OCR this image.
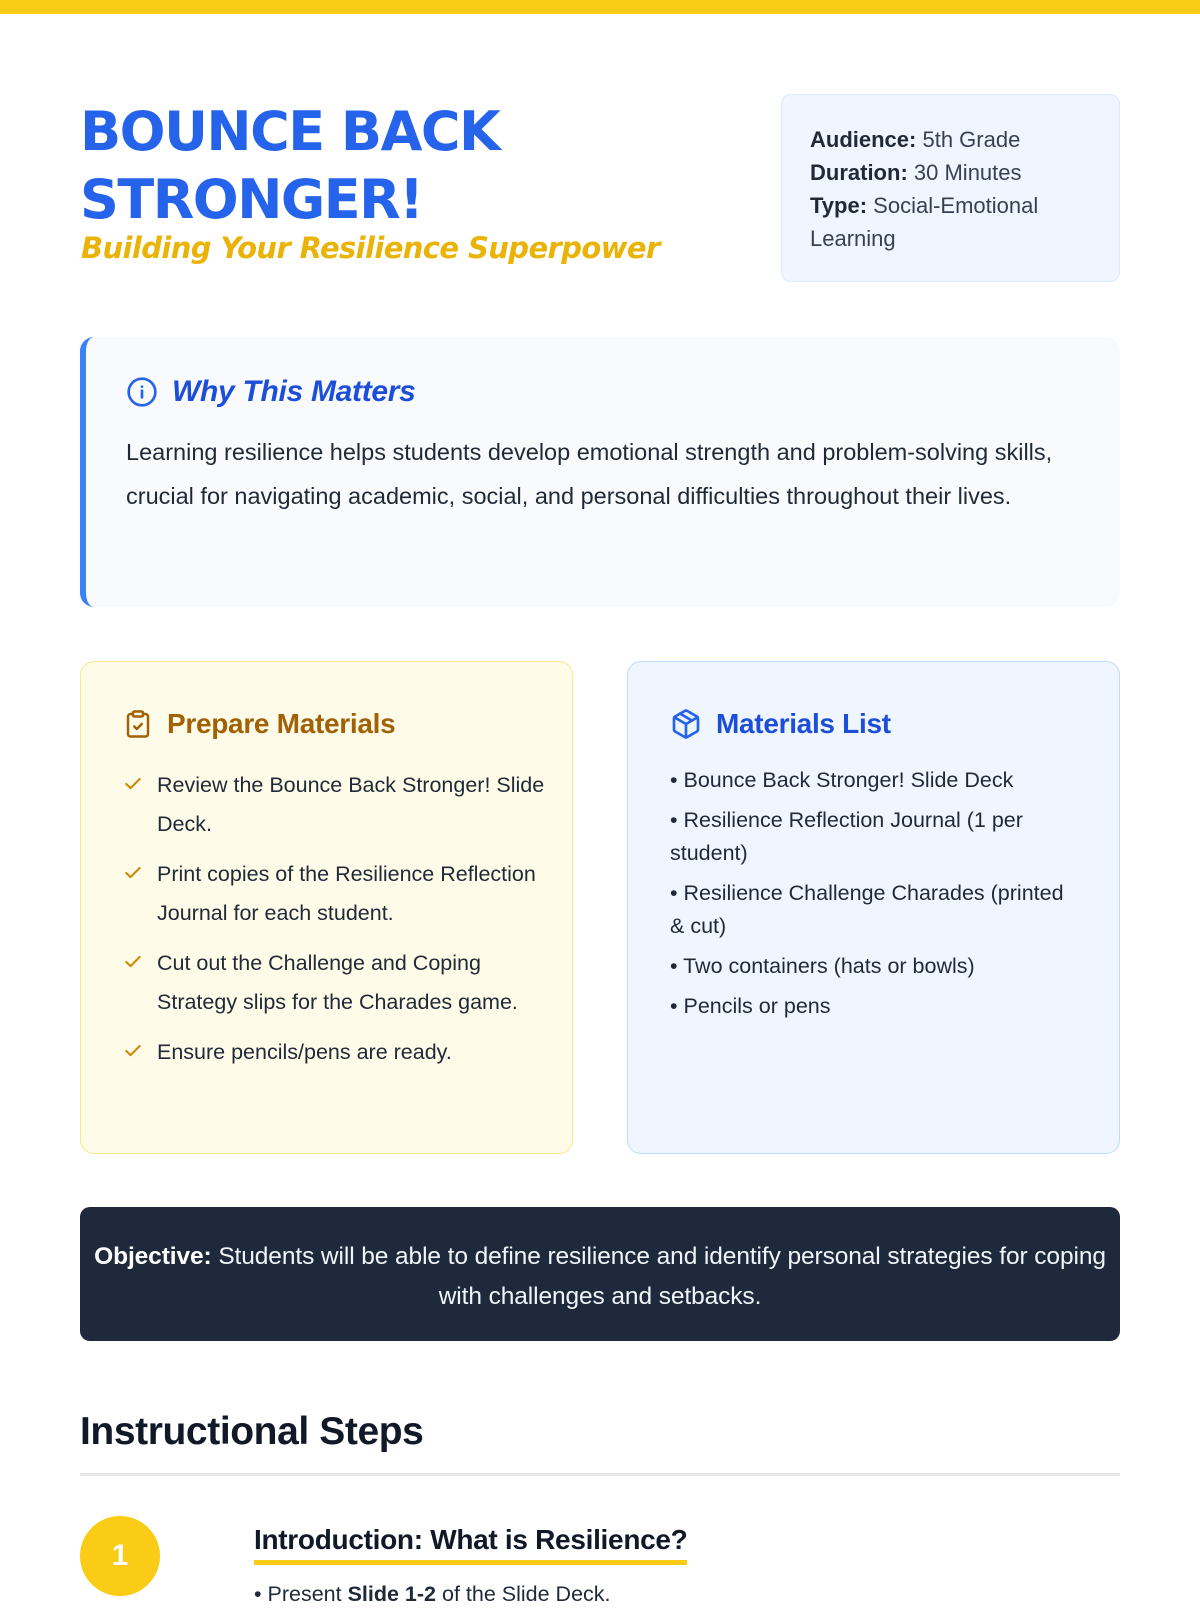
BOUNCE BACK STRONGER!

Building Your Resilience Superpower

Audience: 5th Grade
Duration: 30 Minutes
Type: Social-Emotional Learning
Why This Matters

Learning resilience helps students develop emotional strength and problem-solving skills, crucial for navigating academic, social, and personal difficulties throughout their lives.

Prepare Materials
Review the Bounce Back Stronger! Slide Deck.
Print copies of the Resilience Reflection Journal for each student.
Cut out the Challenge and Coping Strategy slips for the Charades game.
Ensure pencils/pens are ready.
Materials List
• Bounce Back Stronger! Slide Deck
• Resilience Reflection Journal (1 per student)
• Resilience Challenge Charades (printed & cut)
• Two containers (hats or bowls)
• Pencils or pens
Objective: Students will be able to define resilience and identify personal strategies for coping with challenges and setbacks.
Instructional Steps
1	Introduction: What is Resilience?
• Present Slide 1-2 of the Slide Deck.
